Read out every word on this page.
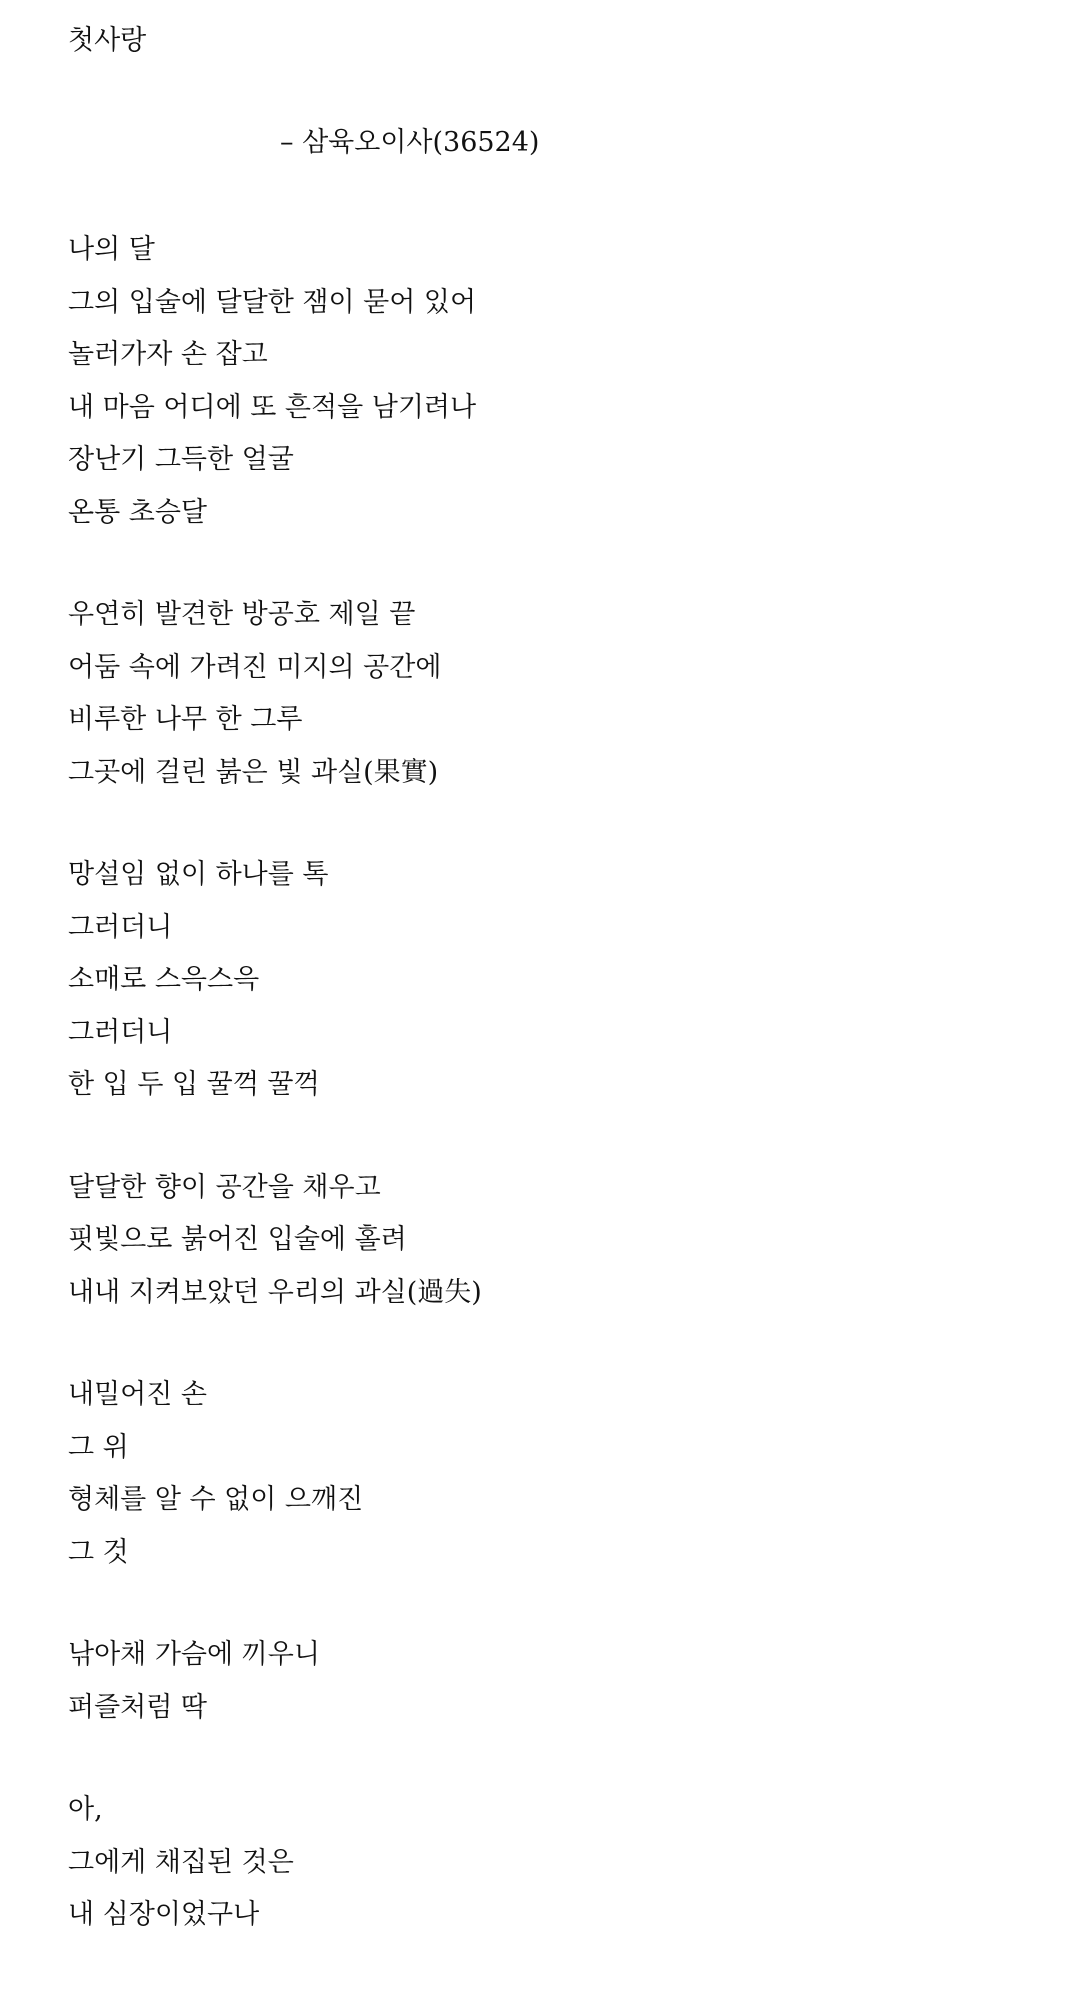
첫사랑
– 삼육오이사(36524)
나의 달
그의 입술에 달달한 잼이 묻어 있어
놀러가자 손 잡고
내 마음 어디에 또 흔적을 남기려나
장난기 그득한 얼굴
온통 초승달
우연히 발견한 방공호 제일 끝
어둠 속에 가려진 미지의 공간에
비루한 나무 한 그루
그곳에 걸린 붉은 빛 과실(果實)
망설임 없이 하나를 톡
그러더니
소매로 스윽스윽
그러더니
한 입 두 입 꿀꺽 꿀꺽
달달한 향이 공간을 채우고
핏빛으로 붉어진 입술에 홀려
내내 지켜보았던 우리의 과실(過失)
내밀어진 손
그 위
형체를 알 수 없이 으깨진
그 것
낚아채 가슴에 끼우니
퍼즐처럼 딱
아,
그에게 채집된 것은
내 심장이었구나
